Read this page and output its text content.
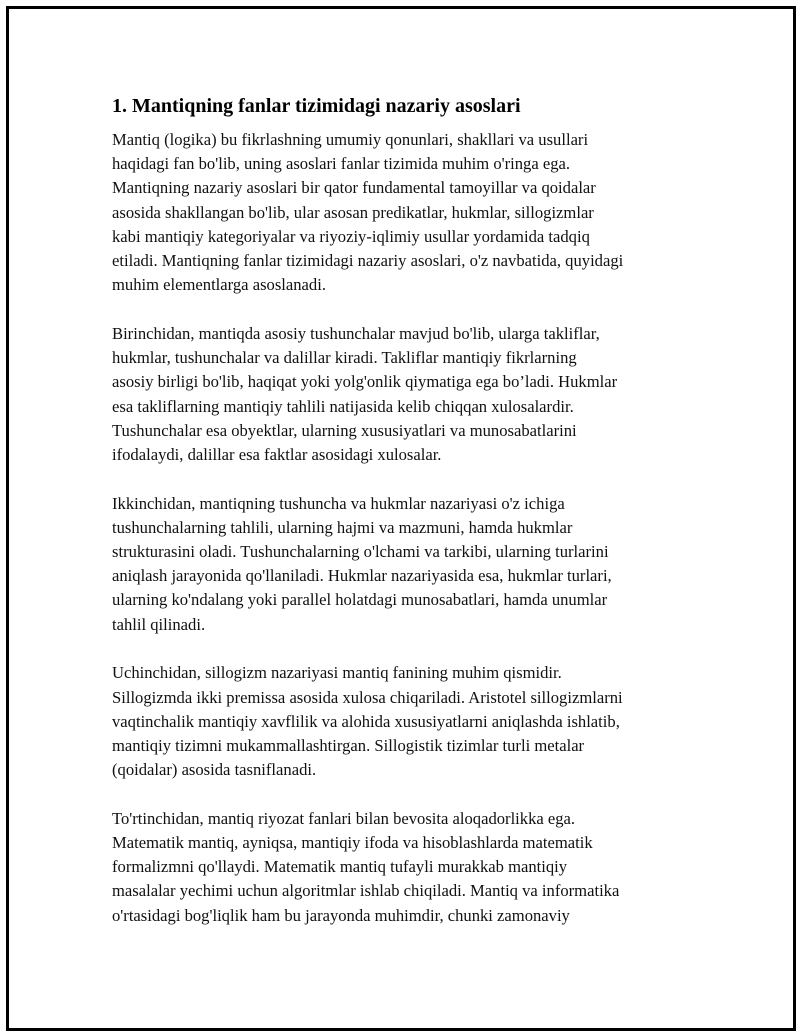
1. Mantiqning fanlar tizimidagi nazariy asoslari
Mantiq (logika) bu fikrlashning umumiy qonunlari, shakllari va usullari
haqidagi fan bo'lib, uning asoslari fanlar tizimida muhim o'ringa ega.
Mantiqning nazariy asoslari bir qator fundamental tamoyillar va qoidalar
asosida shakllangan bo'lib, ular asosan predikatlar, hukmlar, sillogizmlar
kabi mantiqiy kategoriyalar va riyoziy-iqlimiy usullar yordamida tadqiq
etiladi. Mantiqning fanlar tizimidagi nazariy asoslari, o'z navbatida, quyidagi
muhim elementlarga asoslanadi.
Birinchidan, mantiqda asosiy tushunchalar mavjud bo'lib, ularga takliflar,
hukmlar, tushunchalar va dalillar kiradi. Takliflar mantiqiy fikrlarning
asosiy birligi bo'lib, haqiqat yoki yolg'onlik qiymatiga ega bo’ladi. Hukmlar
esa takliflarning mantiqiy tahlili natijasida kelib chiqqan xulosalardir.
Tushunchalar esa obyektlar, ularning xususiyatlari va munosabatlarini
ifodalaydi, dalillar esa faktlar asosidagi xulosalar.
Ikkinchidan, mantiqning tushuncha va hukmlar nazariyasi o'z ichiga
tushunchalarning tahlili, ularning hajmi va mazmuni, hamda hukmlar
strukturasini oladi. Tushunchalarning o'lchami va tarkibi, ularning turlarini
aniqlash jarayonida qo'llaniladi. Hukmlar nazariyasida esa, hukmlar turlari,
ularning ko'ndalang yoki parallel holatdagi munosabatlari, hamda unumlar
tahlil qilinadi.
Uchinchidan, sillogizm nazariyasi mantiq fanining muhim qismidir.
Sillogizmda ikki premissa asosida xulosa chiqariladi. Aristotel sillogizmlarni
vaqtinchalik mantiqiy xavflilik va alohida xususiyatlarni aniqlashda ishlatib,
mantiqiy tizimni mukammallashtirgan. Sillogistik tizimlar turli metalar
(qoidalar) asosida tasniflanadi.
To'rtinchidan, mantiq riyozat fanlari bilan bevosita aloqadorlikka ega.
Matematik mantiq, ayniqsa, mantiqiy ifoda va hisoblashlarda matematik
formalizmni qo'llaydi. Matematik mantiq tufayli murakkab mantiqiy
masalalar yechimi uchun algoritmlar ishlab chiqiladi. Mantiq va informatika
o'rtasidagi bog'liqlik ham bu jarayonda muhimdir, chunki zamonaviy
